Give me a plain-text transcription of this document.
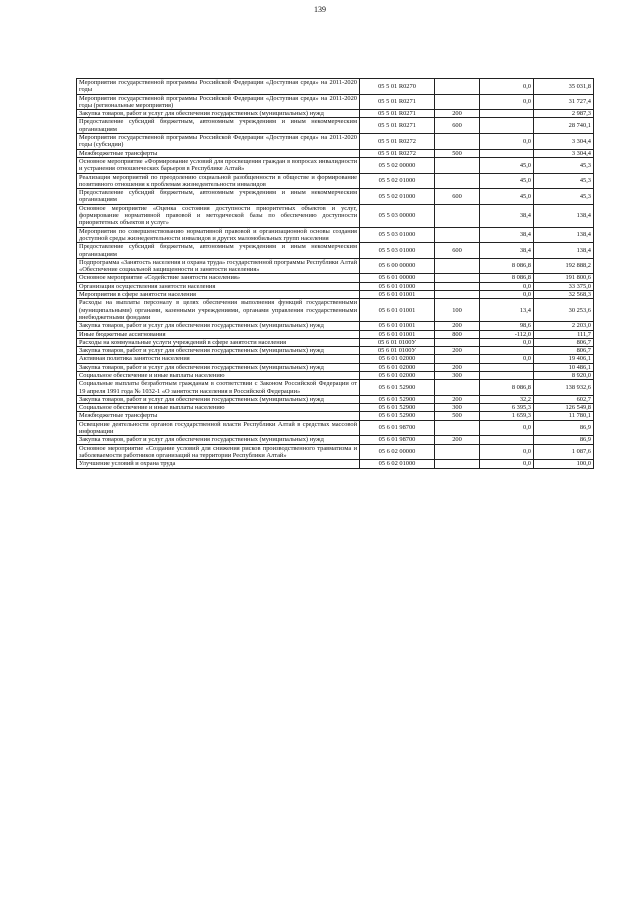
139
Мероприятия государственной программы Российской Федерации «Доступная среда» на 2011-2020 годы	05 5 01 R0270		0,0	35 031,8
Мероприятия государственной программы Российской Федерации «Доступная среда» на 2011-2020 годы (региональные мероприятия)	05 5 01 R0271		0,0	31 727,4
Закупка товаров, работ и услуг для обеспечения государственных (муниципальных) нужд	05 5 01 R0271	200		2 987,3
Предоставление субсидий бюджетным, автономным учреждениям и иным некоммерческим организациям	05 5 01 R0271	600		28 740,1
Мероприятия государственной программы Российской Федерации «Доступная среда» на 2011-2020 годы (субсидии)	05 5 01 R0272		0,0	3 304,4
Межбюджетные трансферты	05 5 01 R0272	500		3 304,4
Основное мероприятие «Формирование условий для просвещения граждан в вопросах инвалидности и устранения отношенческих барьеров в Республике Алтай»	05 5 02 00000		45,0	45,3
Реализация мероприятий по преодолению социальной разобщенности в обществе и формирование позитивного отношения к проблемам жизнедеятельности инвалидов	05 5 02 01000		45,0	45,3
Предоставление субсидий бюджетным, автономным учреждениям и иным некоммерческим организациям	05 5 02 01000	600	45,0	45,3
Основное мероприятие «Оценка состояния доступности приоритетных объектов и услуг, формирование нормативной правовой и методической базы по обеспечению доступности приоритетных объектов и услуг»	05 5 03 00000		38,4	138,4
Мероприятия по совершенствованию нормативной правовой и организационной основы создания доступной среды жизнедеятельности инвалидов и других маломобильных групп населения	05 5 03 01000		38,4	138,4
Предоставление субсидий бюджетным, автономным учреждениям и иным некоммерческим организациям	05 5 03 01000	600	38,4	138,4
Подпрограмма «Занятость населения и охрана труда» государственной программы Республики Алтай «Обеспечение социальной защищенности и занятости населения»	05 6 00 00000		8 086,8	192 888,2
Основное мероприятие «Содействие занятости населения»	05 6 01 00000		8 086,8	191 800,6
Организация осуществления занятости населения	05 6 01 01000		0,0	33 375,0
Мероприятия в сфере занятости населения	05 6 01 01001		0,0	32 568,3
Расходы на выплаты персоналу в целях обеспечения выполнения функций государственными (муниципальными) органами, казенными учреждениями, органами управления государственными внебюджетными фондами	05 6 01 01001	100	13,4	30 253,6
Закупка товаров, работ и услуг для обеспечения государственных (муниципальных) нужд	05 6 01 01001	200	98,6	2 203,0
Иные бюджетные ассигнования	05 6 01 01001	800	-112,0	111,7
Расходы на коммунальные услуги учреждений в сфере занятости населения	05 6 01 0100У		0,0	806,7
Закупка товаров, работ и услуг для обеспечения государственных (муниципальных) нужд	05 6 01 0100У	200		806,7
Активная политика занятости населения	05 6 01 02000		0,0	19 406,1
Закупка товаров, работ и услуг для обеспечения государственных (муниципальных) нужд	05 6 01 02000	200		10 486,1
Социальное обеспечение и иные выплаты населению	05 6 01 02000	300		8 920,0
Социальные выплаты безработным гражданам в соответствии с Законом Российской Федерации от 19 апреля 1991 года № 1032-1 «О занятости населения в Российской Федерации»	05 6 01 52900		8 086,8	138 932,6
Закупка товаров, работ и услуг для обеспечения государственных (муниципальных) нужд	05 6 01 52900	200	32,2	602,7
Социальное обеспечение и иные выплаты населению	05 6 01 52900	300	6 395,3	126 549,8
Межбюджетные трансферты	05 6 01 52900	500	1 659,3	11 780,1
Освещение деятельности органов государственной власти Республики Алтай в средствах массовой информации	05 6 01 98700		0,0	86,9
Закупка товаров, работ и услуг для обеспечения государственных (муниципальных) нужд	05 6 01 98700	200		86,9
Основное мероприятие «Создание условий для снижения рисков производственного травматизма и заболеваемости работников организаций на территории Республики Алтай»	05 6 02 00000		0,0	1 087,6
Улучшение условий и охрана труда	05 6 02 01000		0,0	100,0
